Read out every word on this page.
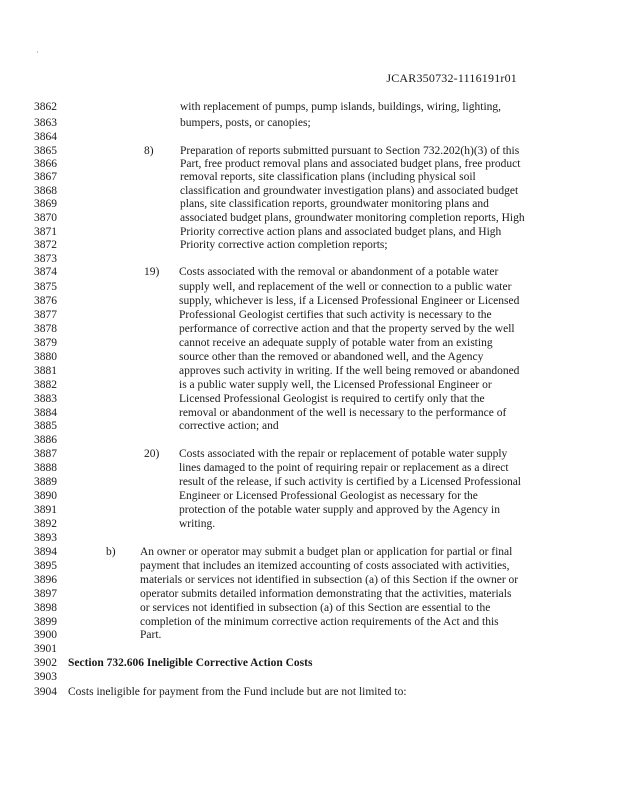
·
JCAR350732-1116191r01
3862	with replacement of pumps, pump islands, buildings, wiring, lighting,
3863	bumpers, posts, or canopies;
3864
3865	8) Preparation of reports submitted pursuant to Section 732.202(h)(3) of this
3866	Part, free product removal plans and associated budget plans, free product
3867	removal reports, site classification plans (including physical soil
3868	classification and groundwater investigation plans) and associated budget
3869	plans, site classification reports, groundwater monitoring plans and
3870	associated budget plans, groundwater monitoring completion reports, High
3871	Priority corrective action plans and associated budget plans, and High
3872	Priority corrective action completion reports;
3873
3874	19) Costs associated with the removal or abandonment of a potable water
3875	supply well, and replacement of the well or connection to a public water
3876	supply, whichever is less, if a Licensed Professional Engineer or Licensed
3877	Professional Geologist certifies that such activity is necessary to the
3878	performance of corrective action and that the property served by the well
3879	cannot receive an adequate supply of potable water from an existing
3880	source other than the removed or abandoned well, and the Agency
3881	approves such activity in writing. If the well being removed or abandoned
3882	is a public water supply well, the Licensed Professional Engineer or
3883	Licensed Professional Geologist is required to certify only that the
3884	removal or abandonment of the well is necessary to the performance of
3885	corrective action; and
3886
3887	20) Costs associated with the repair or replacement of potable water supply
3888	lines damaged to the point of requiring repair or replacement as a direct
3889	result of the release, if such activity is certified by a Licensed Professional
3890	Engineer or Licensed Professional Geologist as necessary for the
3891	protection of the potable water supply and approved by the Agency in
3892	writing.
3893
3894	b) An owner or operator may submit a budget plan or application for partial or final
3895	payment that includes an itemized accounting of costs associated with activities,
3896	materials or services not identified in subsection (a) of this Section if the owner or
3897	operator submits detailed information demonstrating that the activities, materials
3898	or services not identified in subsection (a) of this Section are essential to the
3899	completion of the minimum corrective action requirements of the Act and this
3900	Part.
3901
3902 Section 732.606 Ineligible Corrective Action Costs
3903
3904 Costs ineligible for payment from the Fund include but are not limited to:
